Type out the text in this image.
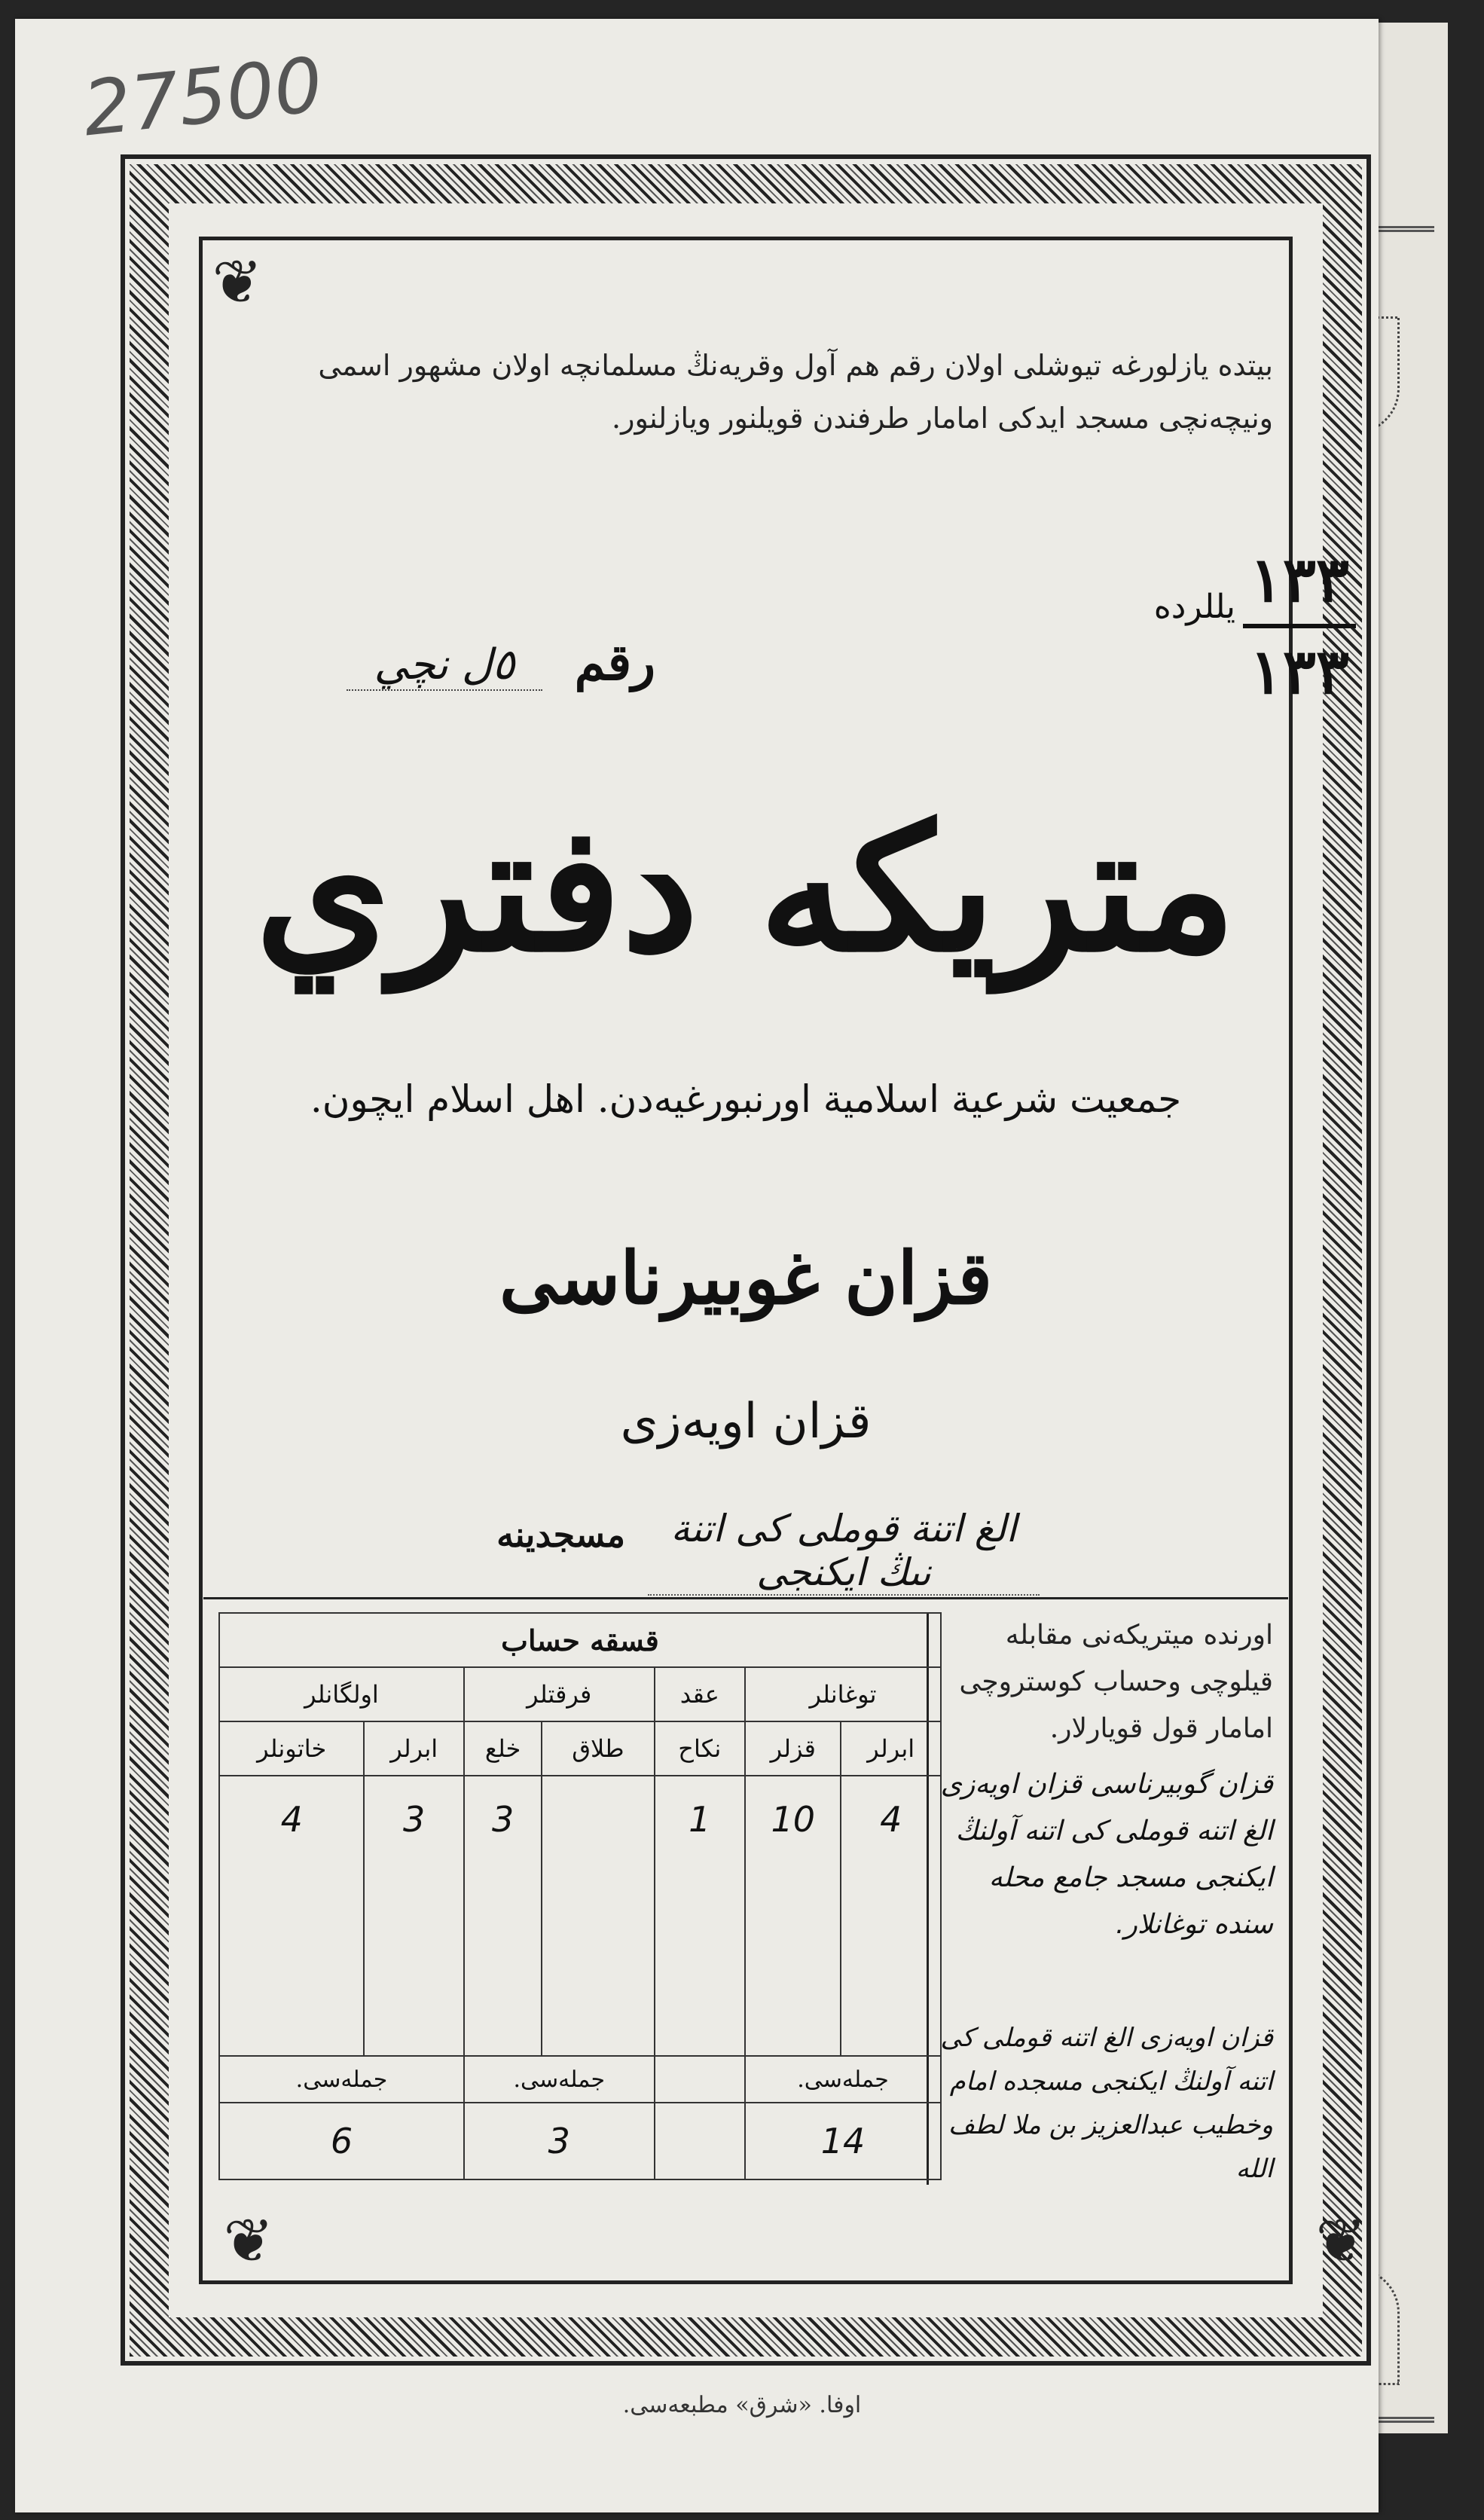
27500
❦
❦	❦
بيتده يازلورغه تيوشلى اولان رقم هم آول وقريەنڭ مسلمانچه اولان مشهور اسمى ونيچەنچى مسجد ايدكى امامار طرفندن قويلنور ويازلنور.
١٣٣
١٣٣
يللرده
رقم
٥ل نچي
متريكه دفتري
جمعيت شرعية اسلامية اورنبورغيەدن. اهل اسلام ايچون.
قزان غوبيرناسى
قزان اويەزى
الغ اتنة قوملى كى اتنة نىڭ ايكنجى
مسجدينه
اورنده ميتريكەنى مقابله قيلوچى وحساب كوستروچى امامار قول قويارلار.
قزان گوبيرناسى قزان اويەزى الغ اتنه قوملى كى اتنه آولنڭ ايكنجى مسجد جامع محله سنده توغانلار.
قزان اويەزى الغ اتنه قوملى كى اتنه آولنڭ ايكنجى مسجده امام وخطيب عبدالعزيز بن ملا لطف الله
قسقه حساب						
توغانلر		عقد	فرقتلر		اولگانلر	
ابرلر	قزلر	نكاح	طلاق	خلع	ابرلر	خاتونلر
4	10	1		3	3	4
جملەسى.			جملەسى.		جملەسى.	
14			3		6	
اوفا. «شرق» مطبعەسى.
